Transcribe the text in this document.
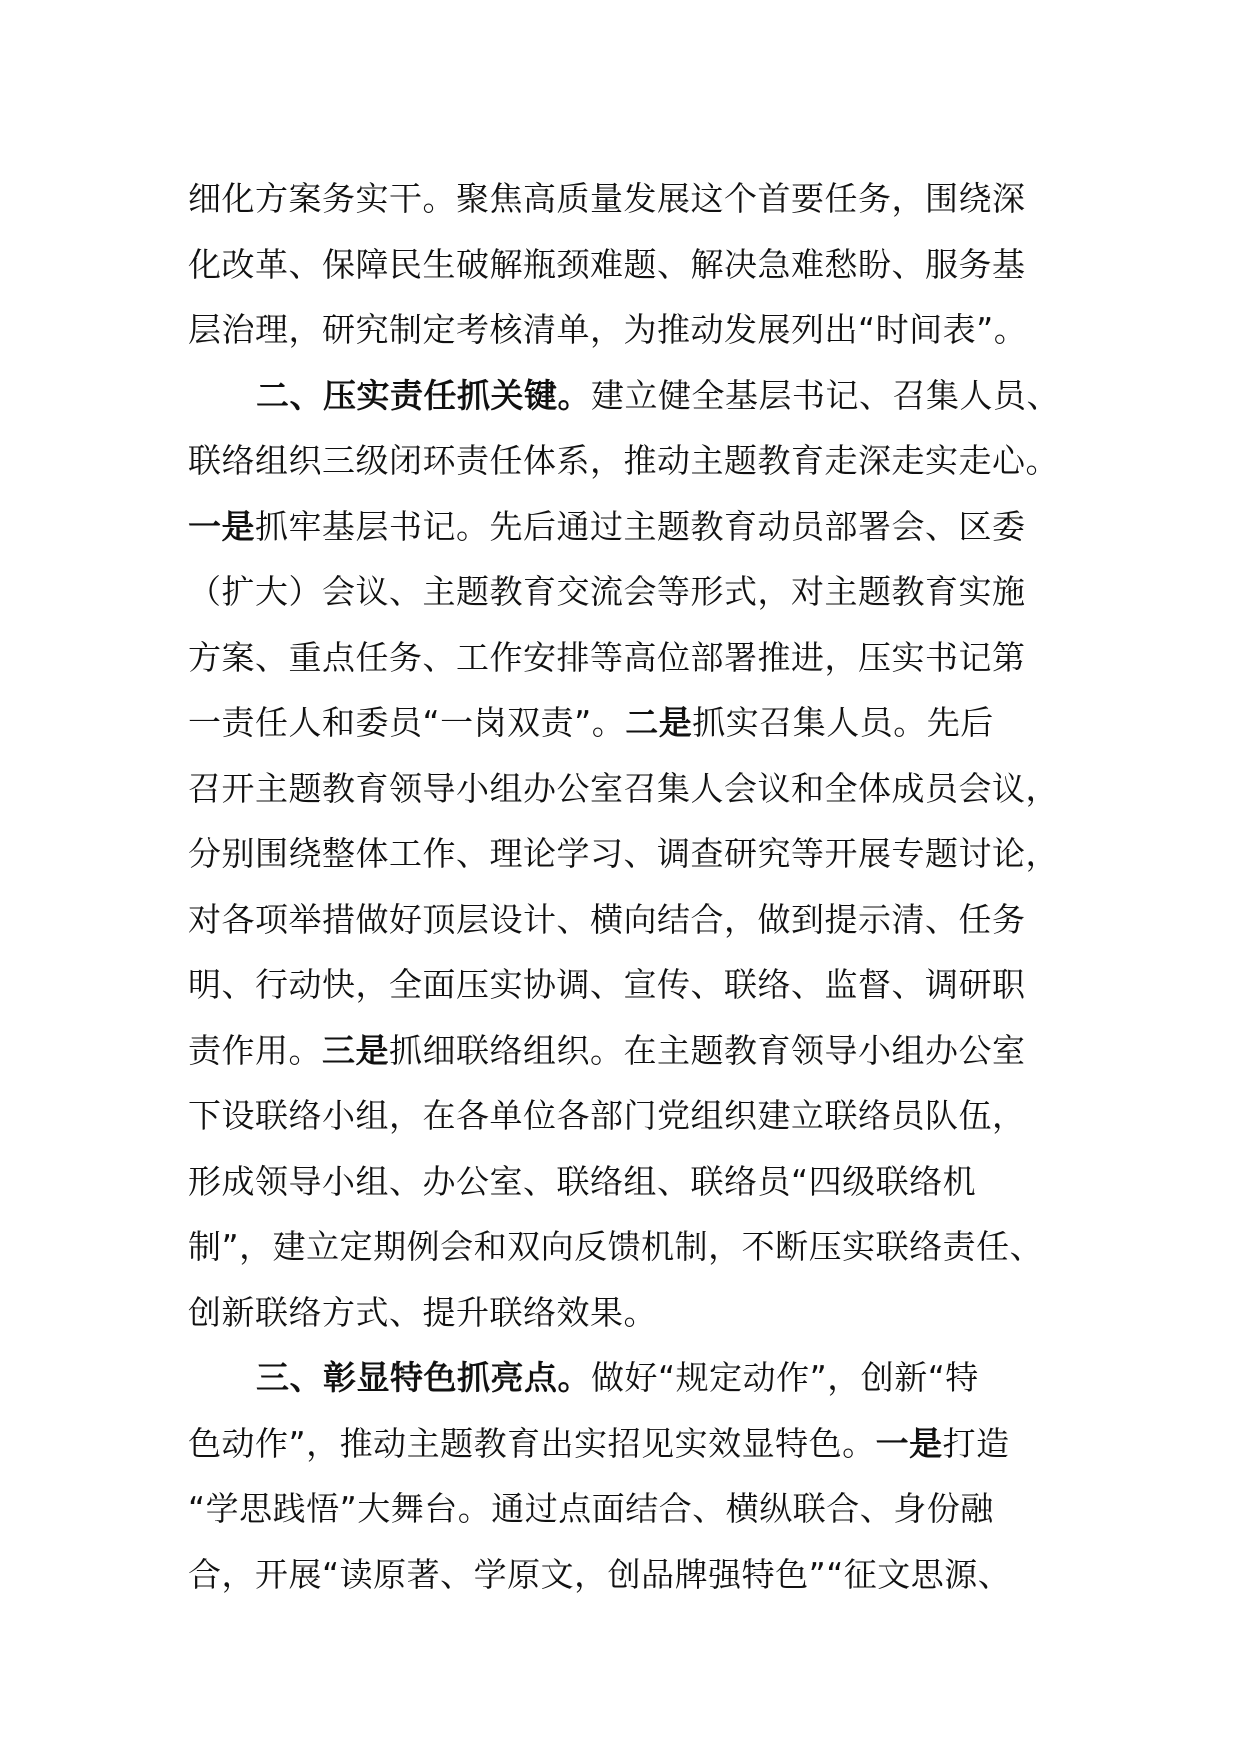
细化方案务实干。聚焦高质量发展这个首要任务，围绕深
化改革、保障民生破解瓶颈难题、解决急难愁盼、服务基
层治理，研究制定考核清单，为推动发展列出“时间表”。
二、压实责任抓关键。建立健全基层书记、召集人员、
联络组织三级闭环责任体系，推动主题教育走深走实走心。
一是抓牢基层书记。先后通过主题教育动员部署会、区委
（扩大）会议、主题教育交流会等形式，对主题教育实施
方案、重点任务、工作安排等高位部署推进，压实书记第
一责任人和委员“一岗双责”。二是抓实召集人员。先后
召开主题教育领导小组办公室召集人会议和全体成员会议，
分别围绕整体工作、理论学习、调查研究等开展专题讨论，
对各项举措做好顶层设计、横向结合，做到提示清、任务
明、行动快，全面压实协调、宣传、联络、监督、调研职
责作用。三是抓细联络组织。在主题教育领导小组办公室
下设联络小组，在各单位各部门党组织建立联络员队伍，
形成领导小组、办公室、联络组、联络员“四级联络机
制”，建立定期例会和双向反馈机制，不断压实联络责任、
创新联络方式、提升联络效果。
三、彰显特色抓亮点。做好“规定动作”，创新“特
色动作”，推动主题教育出实招见实效显特色。一是打造
“学思践悟”大舞台。通过点面结合、横纵联合、身份融
合，开展“读原著、学原文，创品牌强特色”“征文思源、
